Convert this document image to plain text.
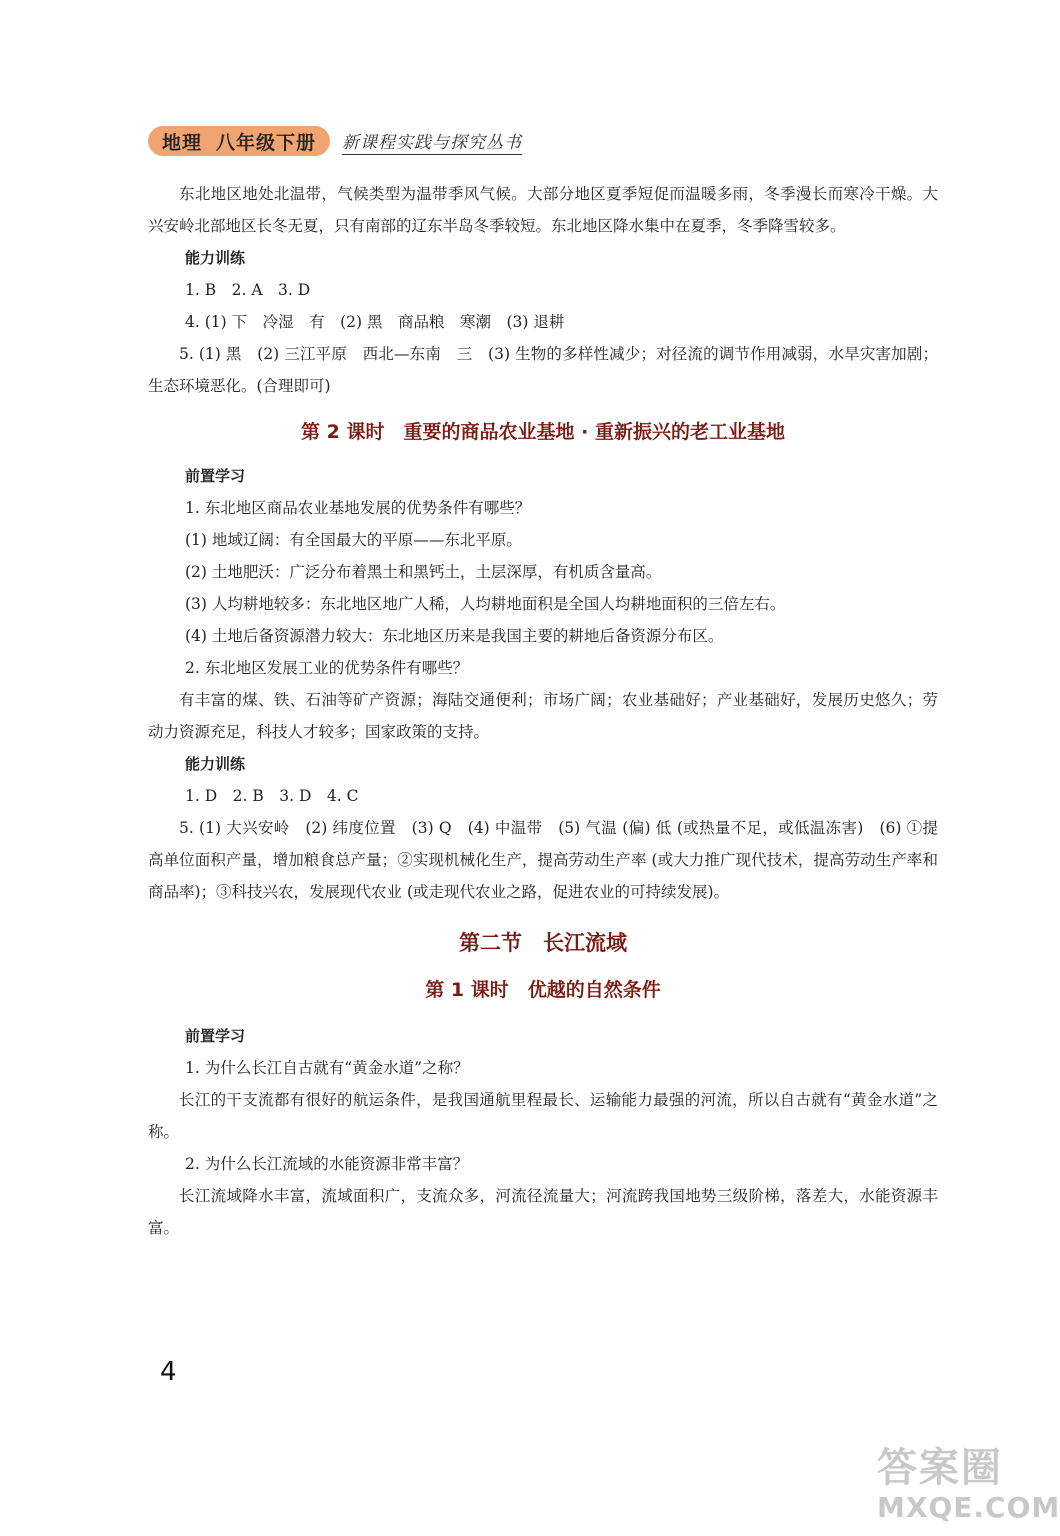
地理 八年级下册 新课程实践与探究丛书

东北地区地处北温带，气候类型为温带季风气候。大部分地区夏季短促而温暖多雨，冬季漫长而寒冷干燥。大兴安岭北部地区长冬无夏，只有南部的辽东半岛冬季较短。东北地区降水集中在夏季，冬季降雪较多。

能力训练

1. B　2. A　3. D

4. (1) 下　冷湿　有　(2) 黑　商品粮　寒潮　(3) 退耕

5. (1) 黑　(2) 三江平原　西北—东南　三　(3) 生物的多样性减少；对径流的调节作用减弱，水旱灾害加剧；生态环境恶化。(合理即可)

第 2 课时　重要的商品农业基地 · 重新振兴的老工业基地

前置学习

1. 东北地区商品农业基地发展的优势条件有哪些？

(1) 地域辽阔：有全国最大的平原——东北平原。

(2) 土地肥沃：广泛分布着黑土和黑钙土，土层深厚，有机质含量高。

(3) 人均耕地较多：东北地区地广人稀，人均耕地面积是全国人均耕地面积的三倍左右。

(4) 土地后备资源潜力较大：东北地区历来是我国主要的耕地后备资源分布区。

2. 东北地区发展工业的优势条件有哪些？

有丰富的煤、铁、石油等矿产资源；海陆交通便利；市场广阔；农业基础好；产业基础好，发展历史悠久；劳动力资源充足，科技人才较多；国家政策的支持。

能力训练

1. D　2. B　3. D　4. C

5. (1) 大兴安岭　(2) 纬度位置　(3) Q　(4) 中温带　(5) 气温 (偏) 低 (或热量不足，或低温冻害)　(6) ①提高单位面积产量，增加粮食总产量；②实现机械化生产，提高劳动生产率 (或大力推广现代技术，提高劳动生产率和商品率)；③科技兴农，发展现代农业 (或走现代农业之路，促进农业的可持续发展)。

第二节　长江流域

第 1 课时　优越的自然条件

前置学习

1. 为什么长江自古就有“黄金水道”之称？

长江的干支流都有很好的航运条件，是我国通航里程最长、运输能力最强的河流，所以自古就有“黄金水道”之称。

2. 为什么长江流域的水能资源非常丰富？

长江流域降水丰富，流域面积广，支流众多，河流径流量大；河流跨我国地势三级阶梯，落差大，水能资源丰富。

4
答案圈
MXQE.COM
